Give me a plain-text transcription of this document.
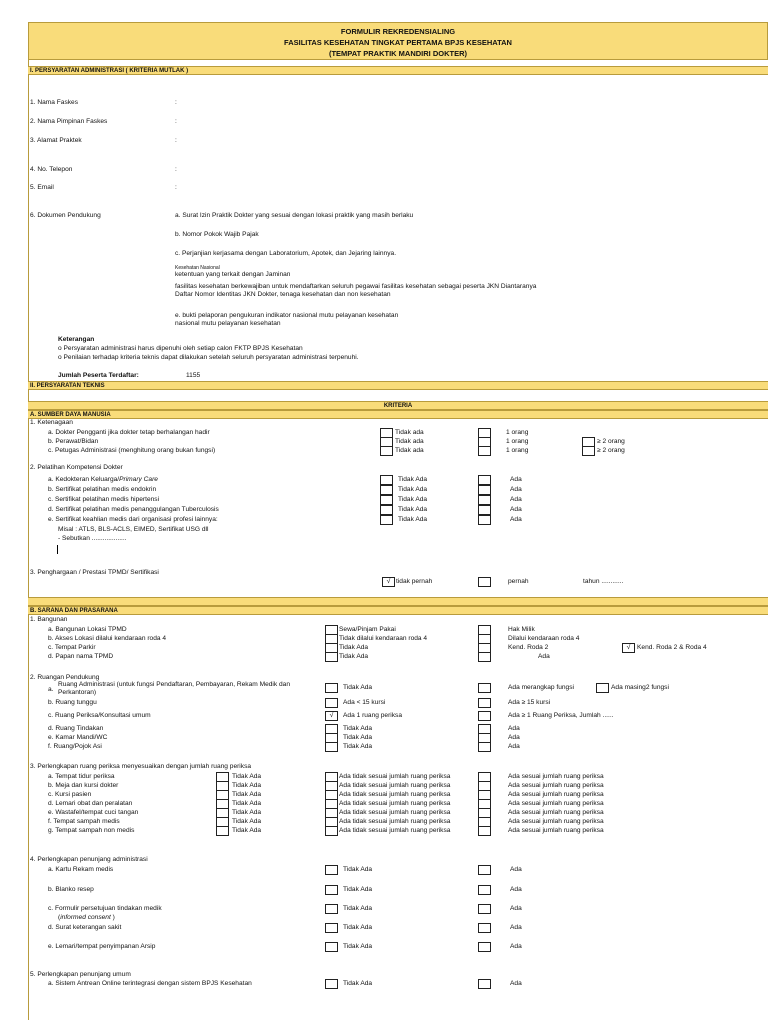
FORMULIR REKREDENSIALING
FASILITAS KESEHATAN TINGKAT PERTAMA BPJS KESEHATAN
(TEMPAT PRAKTIK MANDIRI DOKTER)
I. PERSYARATAN ADMINISTRASI ( KRITERIA MUTLAK )
1. Nama Faskes	:
2. Nama Pimpinan Faskes	:
3. Alamat Praktek	:
4. No. Telepon	:
5. Email	:
6. Dokumen Pendukung	a. Surat Izin Praktik Dokter yang sesuai dengan lokasi praktik yang masih berlaku
b. Nomor Pokok Wajib Pajak
c. Perjanjian kerjasama dengan Laboratorium, Apotek, dan Jejaring lainnya.
Kesehatan Nasional
ketentuan yang terkait dengan Jaminan
fasilitas kesehatan berkewajiban untuk mendaftarkan seluruh pegawai fasilitas kesehatan sebagai peserta JKN Diantaranya
Daftar Nomor Identitas JKN Dokter, tenaga kesehatan dan non kesehatan
e. bukti pelaporan pengukuran indikator nasional mutu pelayanan kesehatan
nasional mutu pelayanan kesehatan
Keterangan
o Persyaratan administrasi harus dipenuhi oleh setiap calon FKTP BPJS Kesehatan
o Penilaian terhadap kriteria teknis dapat dilakukan setelah seluruh persyaratan administrasi terpenuhi.
Jumlah Peserta Terdaftar:	1155
II. PERSYARATAN TEKNIS
KRITERIA
A. SUMBER DAYA MANUSIA
1. Ketenagaan
a. Dokter Pengganti jika dokter tetap berhalangan hadir	Tidak ada	1 orang
b. Perawat/Bidan	Tidak ada	1 orang	≥ 2 orang
c. Petugas Administrasi (menghitung orang bukan fungsi)	Tidak ada	1 orang	≥ 2 orang
2. Pelatihan Kompetensi Dokter
a. Kedokteran Keluarga/Primary Care	Tidak Ada	Ada
b. Sertifikat pelatihan medis endokrin	Tidak Ada	Ada
c. Sertifikat pelatihan medis hipertensi	Tidak Ada	Ada
d. Sertifikat pelatihan medis penanggulangan Tuberculosis	Tidak Ada	Ada
e. Sertifikat keahlian medis dari organisasi profesi lainnya:	Tidak Ada	Ada
Misal : ATLS, BLS-ACLS, EIMED, Sertifikat USG dll
- Sebutkan ...................
3. Penghargaan / Prestasi TPMD/ Sertifikasi
√ tidak pernah	pernah	tahun ............
B. SARANA DAN PRASARANA
1. Bangunan
a. Bangunan Lokasi TPMD	Sewa/Pinjam Pakai	Hak Milik
b. Akses Lokasi dilalui kendaraan roda 4	Tidak dilalui kendaraan roda 4	Dilalui kendaraan roda 4
c. Tempat Parkir	Tidak Ada	Kend. Roda 2	√ Kend. Roda 2 & Roda 4
d. Papan nama TPMD	Tidak Ada	Ada
2. Ruangan Pendukung
a.
Ruang Administrasi (untuk fungsi Pendaftaran, Pembayaran, Rekam Medik dan
Perkantoran)
Tidak Ada	Ada merangkap fungsi	Ada masing2 fungsi
b. Ruang tunggu	Ada < 15 kursi	Ada ≥ 15 kursi
c. Ruang Periksa/Konsultasi umum	√	Ada 1 ruang periksa	Ada ≥ 1 Ruang Periksa, Jumlah ......
d. Ruang Tindakan	Tidak Ada	Ada
e. Kamar Mandi/WC	Tidak Ada	Ada
f. Ruang/Pojok Asi	Tidak Ada	Ada
3. Perlengkapan ruang periksa menyesuaikan dengan jumlah ruang periksa
a. Tempat tidur periksa	Tidak Ada	Ada tidak sesuai jumlah ruang periksa	Ada sesuai jumlah ruang periksa
b. Meja dan kursi dokter	Tidak Ada	Ada tidak sesuai jumlah ruang periksa	Ada sesuai jumlah ruang periksa
c. Kursi pasien	Tidak Ada	Ada tidak sesuai jumlah ruang periksa	Ada sesuai jumlah ruang periksa
d. Lemari obat dan peralatan	Tidak Ada	Ada tidak sesuai jumlah ruang periksa	Ada sesuai jumlah ruang periksa
e. Wastafel/tempat cuci tangan	Tidak Ada	Ada tidak sesuai jumlah ruang periksa	Ada sesuai jumlah ruang periksa
f. Tempat sampah medis	Tidak Ada	Ada tidak sesuai jumlah ruang periksa	Ada sesuai jumlah ruang periksa
g. Tempat sampah non medis	Tidak Ada	Ada tidak sesuai jumlah ruang periksa	Ada sesuai jumlah ruang periksa
4. Perlengkapan penunjang administrasi
a. Kartu Rekam medis	Tidak Ada	Ada
b. Blanko resep	Tidak Ada	Ada
c. Formulir persetujuan tindakan medik
(informed consent )
Tidak Ada	Ada
d. Surat keterangan sakit	Tidak Ada	Ada
e. Lemari/tempat penyimpanan Arsip	Tidak Ada	Ada
5. Perlengkapan penunjang umum
a. Sistem Antrean Online terintegrasi dengan sistem BPJS Kesehatan	Tidak Ada	Ada
